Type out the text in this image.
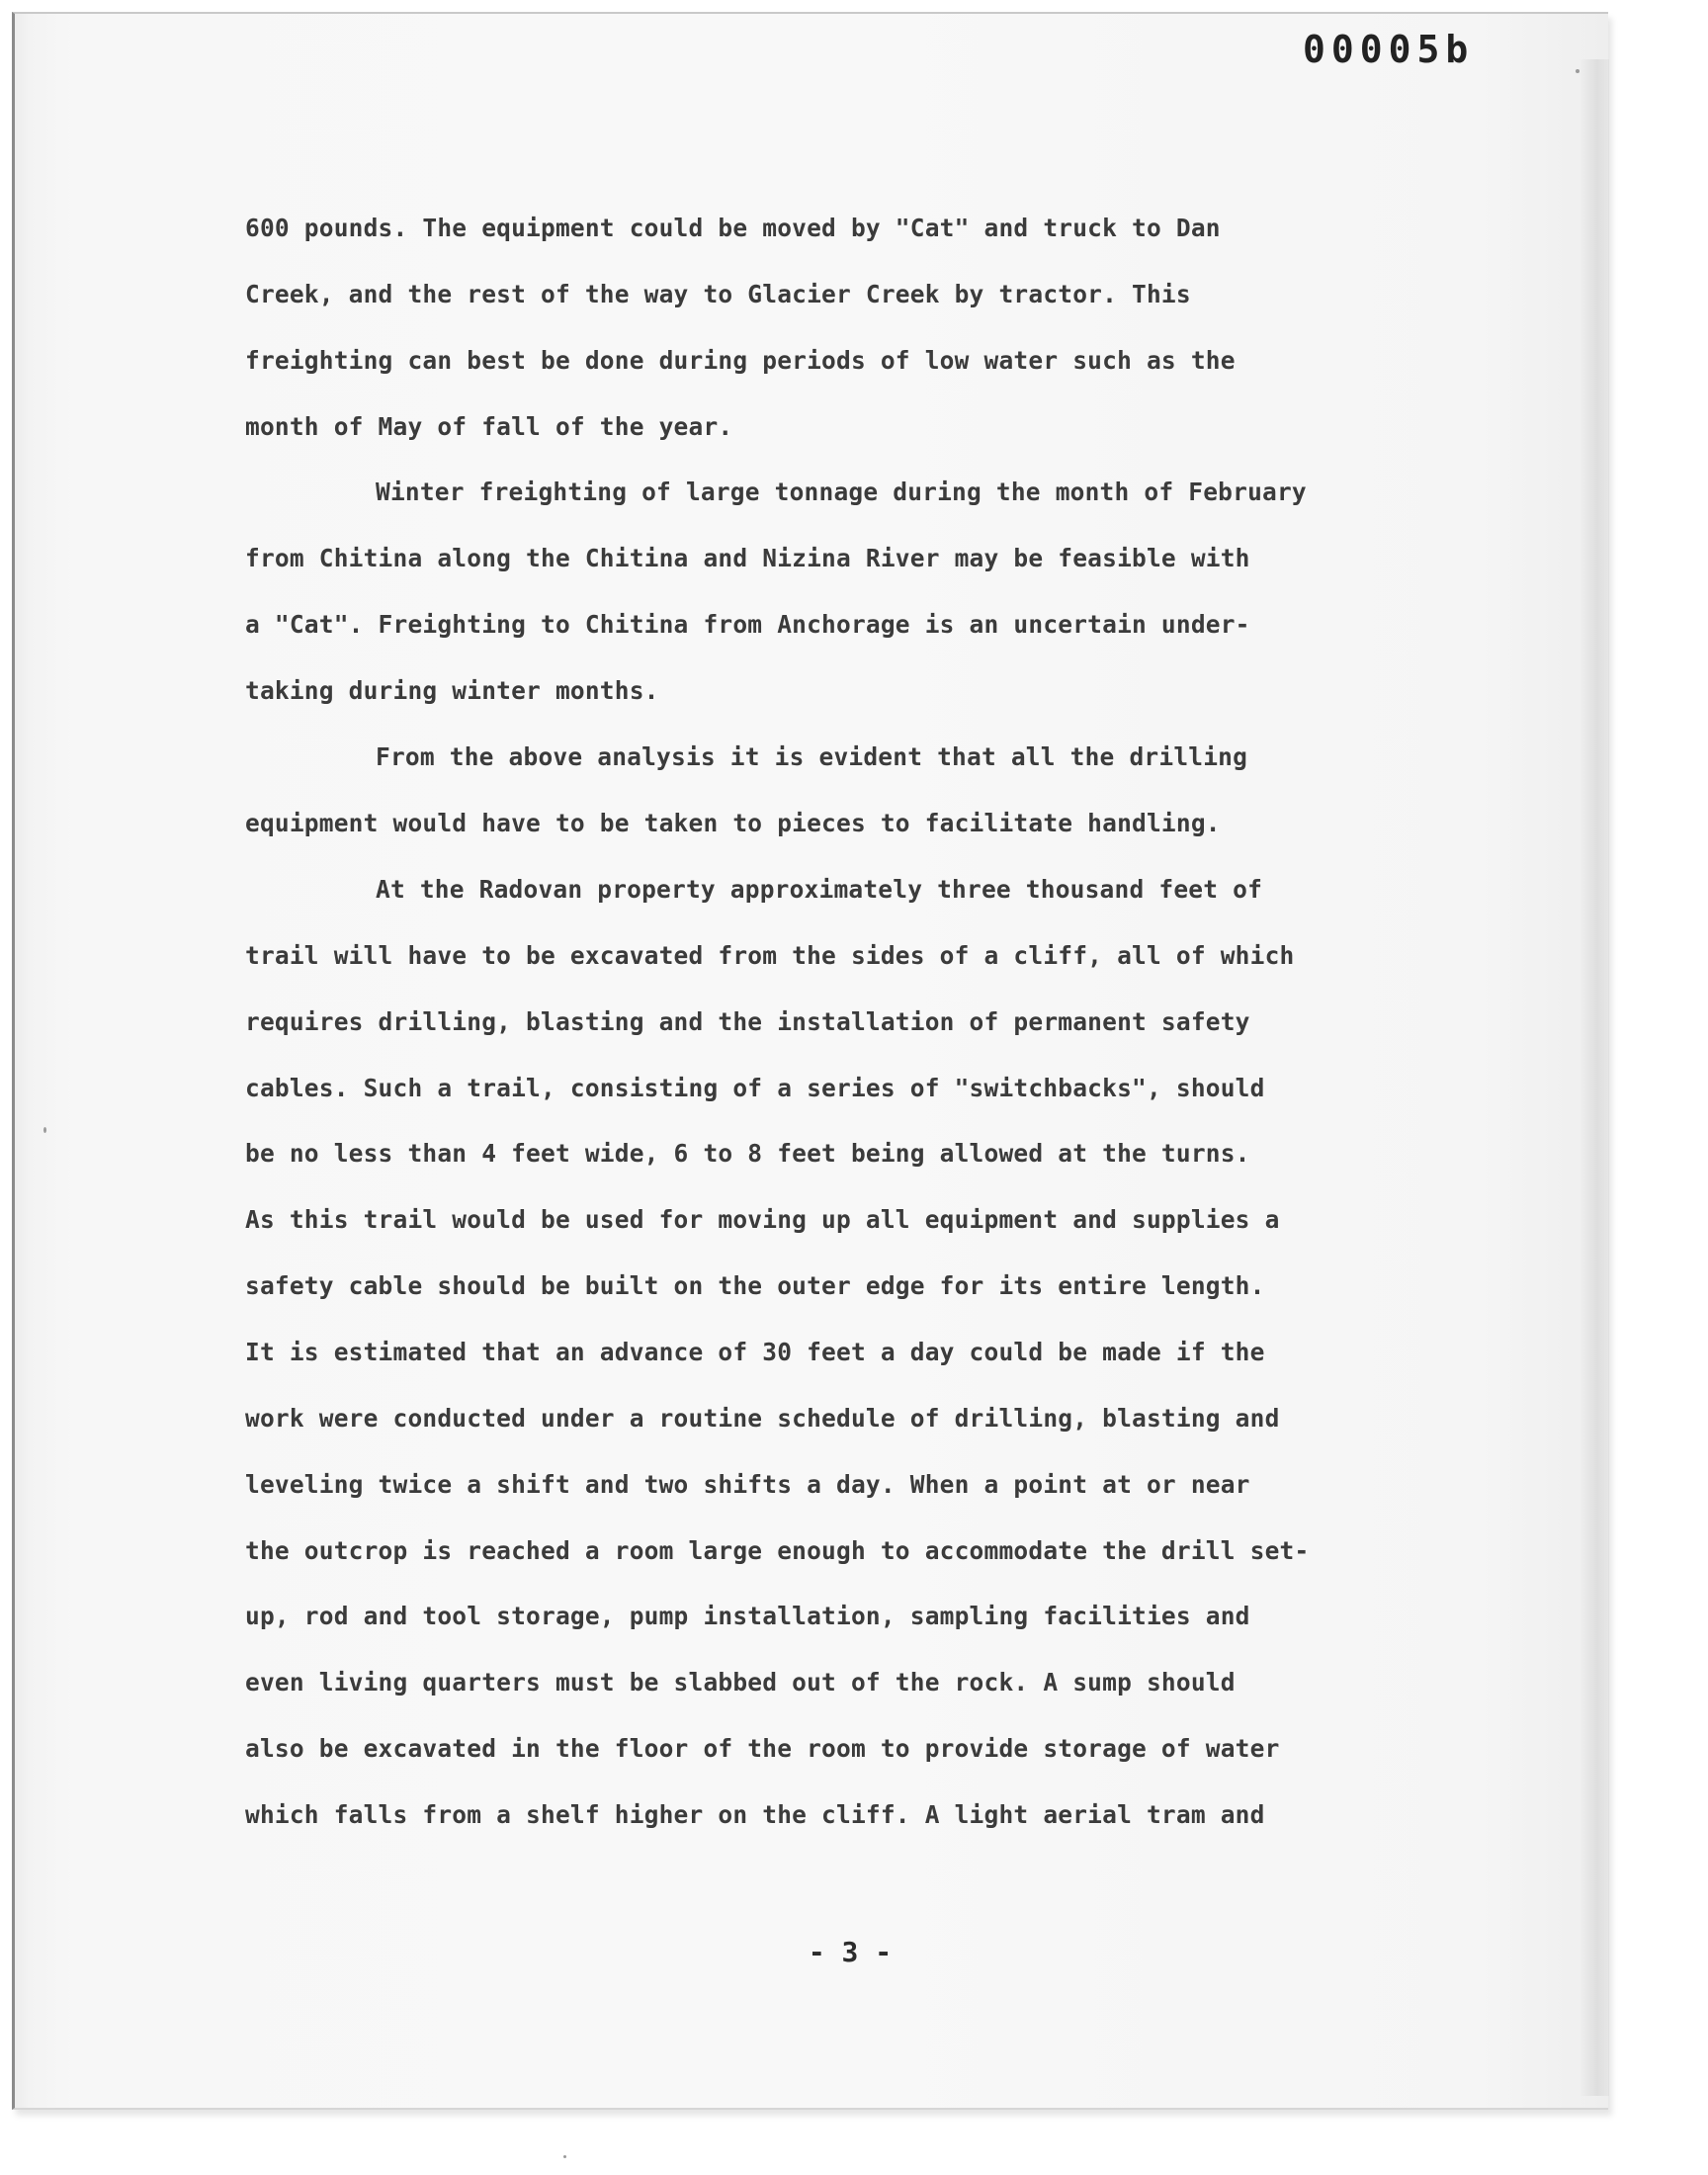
00005b
600 pounds. The equipment could be moved by "Cat" and truck to Dan
Creek, and the rest of the way to Glacier Creek by tractor. This
freighting can best be done during periods of low water such as the
month of May of fall of the year.
Winter freighting of large tonnage during the month of February
from Chitina along the Chitina and Nizina River may be feasible with
a "Cat". Freighting to Chitina from Anchorage is an uncertain under-
taking during winter months.
From the above analysis it is evident that all the drilling
equipment would have to be taken to pieces to facilitate handling.
At the Radovan property approximately three thousand feet of
trail will have to be excavated from the sides of a cliff, all of which
requires drilling, blasting and the installation of permanent safety
cables. Such a trail, consisting of a series of "switchbacks", should
be no less than 4 feet wide, 6 to 8 feet being allowed at the turns.
As this trail would be used for moving up all equipment and supplies a
safety cable should be built on the outer edge for its entire length.
It is estimated that an advance of 30 feet a day could be made if the
work were conducted under a routine schedule of drilling, blasting and
leveling twice a shift and two shifts a day. When a point at or near
the outcrop is reached a room large enough to accommodate the drill set-
up, rod and tool storage, pump installation, sampling facilities and
even living quarters must be slabbed out of the rock. A sump should
also be excavated in the floor of the room to provide storage of water
which falls from a shelf higher on the cliff. A light aerial tram and
- 3 -
